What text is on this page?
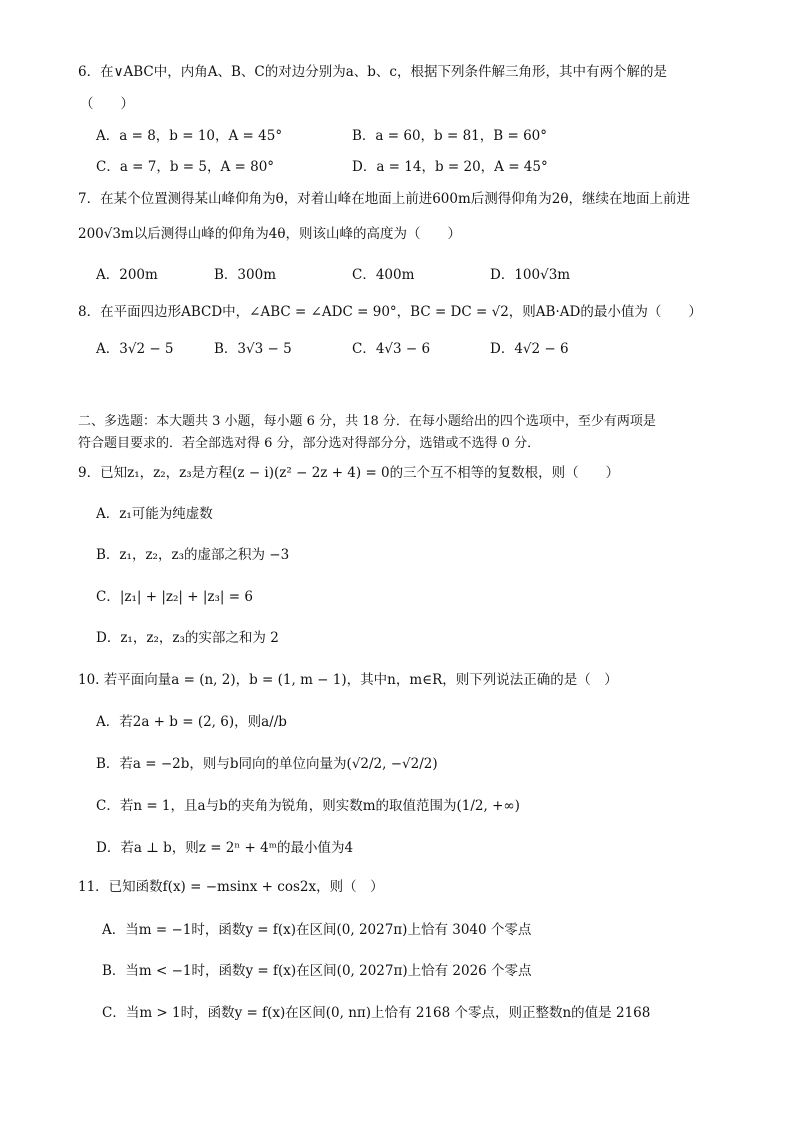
6．在∨ABC中，内角A、B、C的对边分别为a、b、c，根据下列条件解三角形，其中有两个解的是
（　　）
A．a = 8，b = 10，A = 45°	B．a = 60，b = 81，B = 60°
C．a = 7，b = 5，A = 80°	D．a = 14，b = 20，A = 45°
7．在某个位置测得某山峰仰角为θ，对着山峰在地面上前进600m后测得仰角为2θ，继续在地面上前进
200√3m以后测得山峰的仰角为4θ，则该山峰的高度为（　　）
A．200m	B．300m	C．400m	D．100√3m
8．在平面四边形ABCD中，∠ABC = ∠ADC = 90°，BC = DC = √2，则AB·AD的最小值为（　　）
A．3√2 − 5	B．3√3 − 5	C．4√3 − 6	D．4√2 − 6
二、多选题：本大题共 3 小题，每小题 6 分，共 18 分．在每小题给出的四个选项中，至少有两项是
符合题目要求的．若全部选对得 6 分，部分选对得部分分，选错或不选得 0 分．
9．已知z₁，z₂，z₃是方程(z − i)(z² − 2z + 4) = 0的三个互不相等的复数根，则（　　）
A．z₁可能为纯虚数
B．z₁，z₂，z₃的虚部之积为 −3
C．|z₁| + |z₂| + |z₃| = 6
D．z₁，z₂，z₃的实部之和为 2
10. 若平面向量a = (n, 2)，b = (1, m − 1)，其中n，m∈R，则下列说法正确的是（　）
A．若2a + b = (2, 6)，则a//b
B．若a = −2b，则与b同向的单位向量为(√2/2, −√2/2)
C．若n = 1，且a与b的夹角为锐角，则实数m的取值范围为(1/2, +∞)
D．若a ⊥ b，则z = 2ⁿ + 4ᵐ的最小值为4
11．已知函数f(x) = −msinx + cos2x，则（　）
A．当m = −1时，函数y = f(x)在区间(0, 2027π)上恰有 3040 个零点
B．当m < −1时，函数y = f(x)在区间(0, 2027π)上恰有 2026 个零点
C．当m > 1时，函数y = f(x)在区间(0, nπ)上恰有 2168 个零点，则正整数n的值是 2168
